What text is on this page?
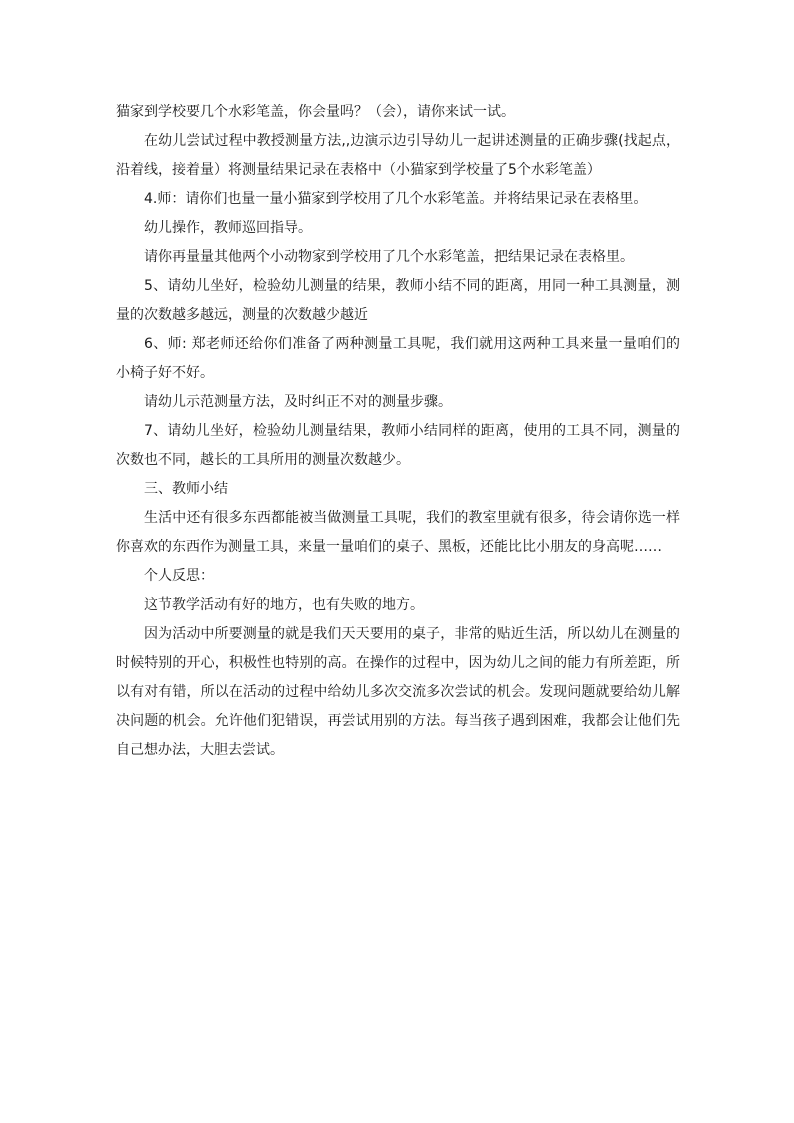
猫家到学校要几个水彩笔盖，你会量吗？（会），请你来试一试。

在幼儿尝试过程中教授测量方法,,边演示边引导幼儿一起讲述测量的正确步骤(找起点，沿着线，接着量）将测量结果记录在表格中（小猫家到学校量了5个水彩笔盖）

4.师：请你们也量一量小猫家到学校用了几个水彩笔盖。并将结果记录在表格里。

幼儿操作，教师巡回指导。

请你再量量其他两个小动物家到学校用了几个水彩笔盖，把结果记录在表格里。

5、请幼儿坐好，检验幼儿测量的结果，教师小结不同的距离，用同一种工具测量，测量的次数越多越远，测量的次数越少越近

6、师: 郑老师还给你们准备了两种测量工具呢，我们就用这两种工具来量一量咱们的小椅子好不好。

请幼儿示范测量方法，及时纠正不对的测量步骤。

7、请幼儿坐好，检验幼儿测量结果，教师小结同样的距离，使用的工具不同，测量的次数也不同，越长的工具所用的测量次数越少。

三、教师小结

生活中还有很多东西都能被当做测量工具呢，我们的教室里就有很多，待会请你选一样你喜欢的东西作为测量工具，来量一量咱们的桌子、黑板，还能比比小朋友的身高呢……

个人反思：

这节教学活动有好的地方，也有失败的地方。

因为活动中所要测量的就是我们天天要用的桌子，非常的贴近生活，所以幼儿在测量的时候特别的开心，积极性也特别的高。在操作的过程中，因为幼儿之间的能力有所差距，所以有对有错，所以在活动的过程中给幼儿多次交流多次尝试的机会。发现问题就要给幼儿解决问题的机会。允许他们犯错误，再尝试用别的方法。每当孩子遇到困难，我都会让他们先自己想办法，大胆去尝试。
